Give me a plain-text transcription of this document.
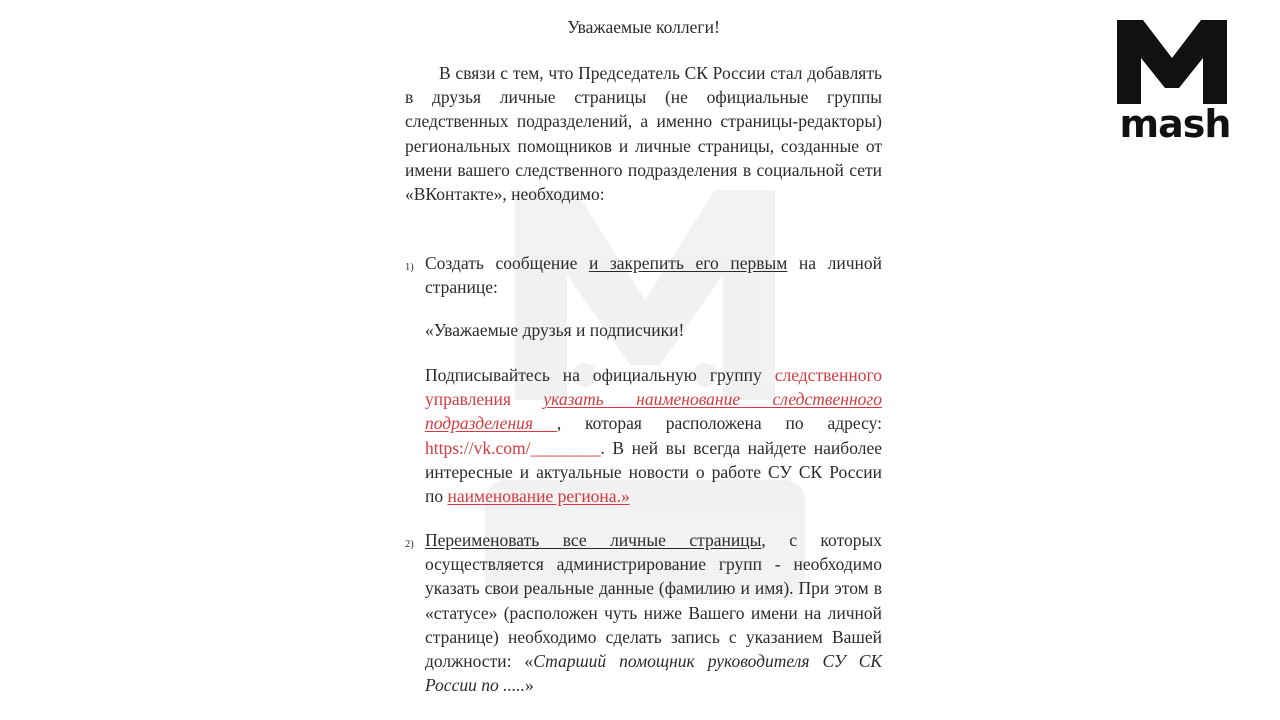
Уважаемые коллеги!
В связи с тем, что Председатель СК России стал добавлять в друзья личные страницы (не официальные группы следственных подразделений, а именно страницы-редакторы) региональных помощников и личные страницы, созданные от имени вашего следственного подразделения в социальной сети «ВКонтакте», необходимо:
1) Создать сообщение и закрепить его первым на личной странице:
«Уважаемые друзья и подписчики!
Подписывайтесь на официальную группу следственного управления указать наименование следственного подразделения , которая расположена по адресу: https://vk.com/________. В ней вы всегда найдете наиболее интересные и актуальные новости о работе СУ СК России по наименование региона.»
2) Переименовать все личные страницы, с которых осуществляется администрирование групп - необходимо указать свои реальные данные (фамилию и имя). При этом в «статусе» (расположен чуть ниже Вашего имени на личной странице) необходимо сделать запись с указанием Вашей должности: «Старший помощник руководителя СУ СК России по .....»
mash
